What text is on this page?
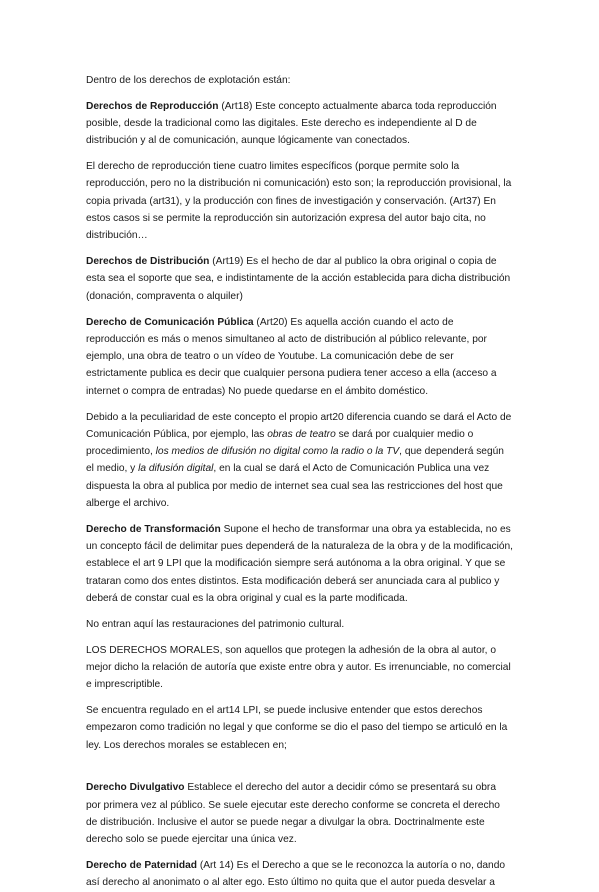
Dentro de los derechos de explotación están:

Derechos de Reproducción (Art18) Este concepto actualmente abarca toda reproducción posible, desde la tradicional como las digitales. Este derecho es independiente al D de distribución y al de comunicación, aunque lógicamente van conectados.

El derecho de reproducción tiene cuatro limites específicos (porque permite solo la reproducción, pero no la distribución ni comunicación) esto son; la reproducción provisional, la copia privada (art31), y la producción con fines de investigación y conservación. (Art37) En estos casos si se permite la reproducción sin autorización expresa del autor bajo cita, no distribución…

Derechos de Distribución (Art19) Es el hecho de dar al publico la obra original o copia de esta sea el soporte que sea, e indistintamente de la acción establecida para dicha distribución (donación, compraventa o alquiler)

Derecho de Comunicación Pública (Art20) Es aquella acción cuando el acto de reproducción es más o menos simultaneo al acto de distribución al público relevante, por ejemplo, una obra de teatro o un vídeo de Youtube. La comunicación debe de ser estrictamente publica es decir que cualquier persona pudiera tener acceso a ella (acceso a internet o compra de entradas) No puede quedarse en el ámbito doméstico.

Debido a la peculiaridad de este concepto el propio art20 diferencia cuando se dará el Acto de Comunicación Pública, por ejemplo, las obras de teatro se dará por cualquier medio o procedimiento, los medios de difusión no digital como la radio o la TV, que dependerá según el medio, y la difusión digital, en la cual se dará el Acto de Comunicación Publica una vez dispuesta la obra al publica por medio de internet sea cual sea las restricciones del host que alberge el archivo.

Derecho de Transformación Supone el hecho de transformar una obra ya establecida, no es un concepto fácil de delimitar pues dependerá de la naturaleza de la obra y de la modificación, establece el art 9 LPI que la modificación siempre será autónoma a la obra original. Y que se trataran como dos entes distintos. Esta modificación deberá ser anunciada cara al publico y deberá de constar cual es la obra original y cual es la parte modificada.

No entran aquí las restauraciones del patrimonio cultural.

LOS DERECHOS MORALES, son aquellos que protegen la adhesión de la obra al autor, o mejor dicho la relación de autoría que existe entre obra y autor. Es irrenunciable, no comercial e imprescriptible.

Se encuentra regulado en el art14 LPI, se puede inclusive entender que estos derechos empezaron como tradición no legal y que conforme se dio el paso del tiempo se articuló en la ley. Los derechos morales se establecen en;

Derecho Divulgativo Establece el derecho del autor a decidir cómo se presentará su obra por primera vez al público. Se suele ejecutar este derecho conforme se concreta el derecho de distribución. Inclusive el autor se puede negar a divulgar la obra. Doctrinalmente este derecho solo se puede ejercitar una única vez.

Derecho de Paternidad (Art 14) Es el Derecho a que se le reconozca la autoría o no, dando así derecho al anonimato o al alter ego. Esto último no quita que el autor pueda desvelar a
